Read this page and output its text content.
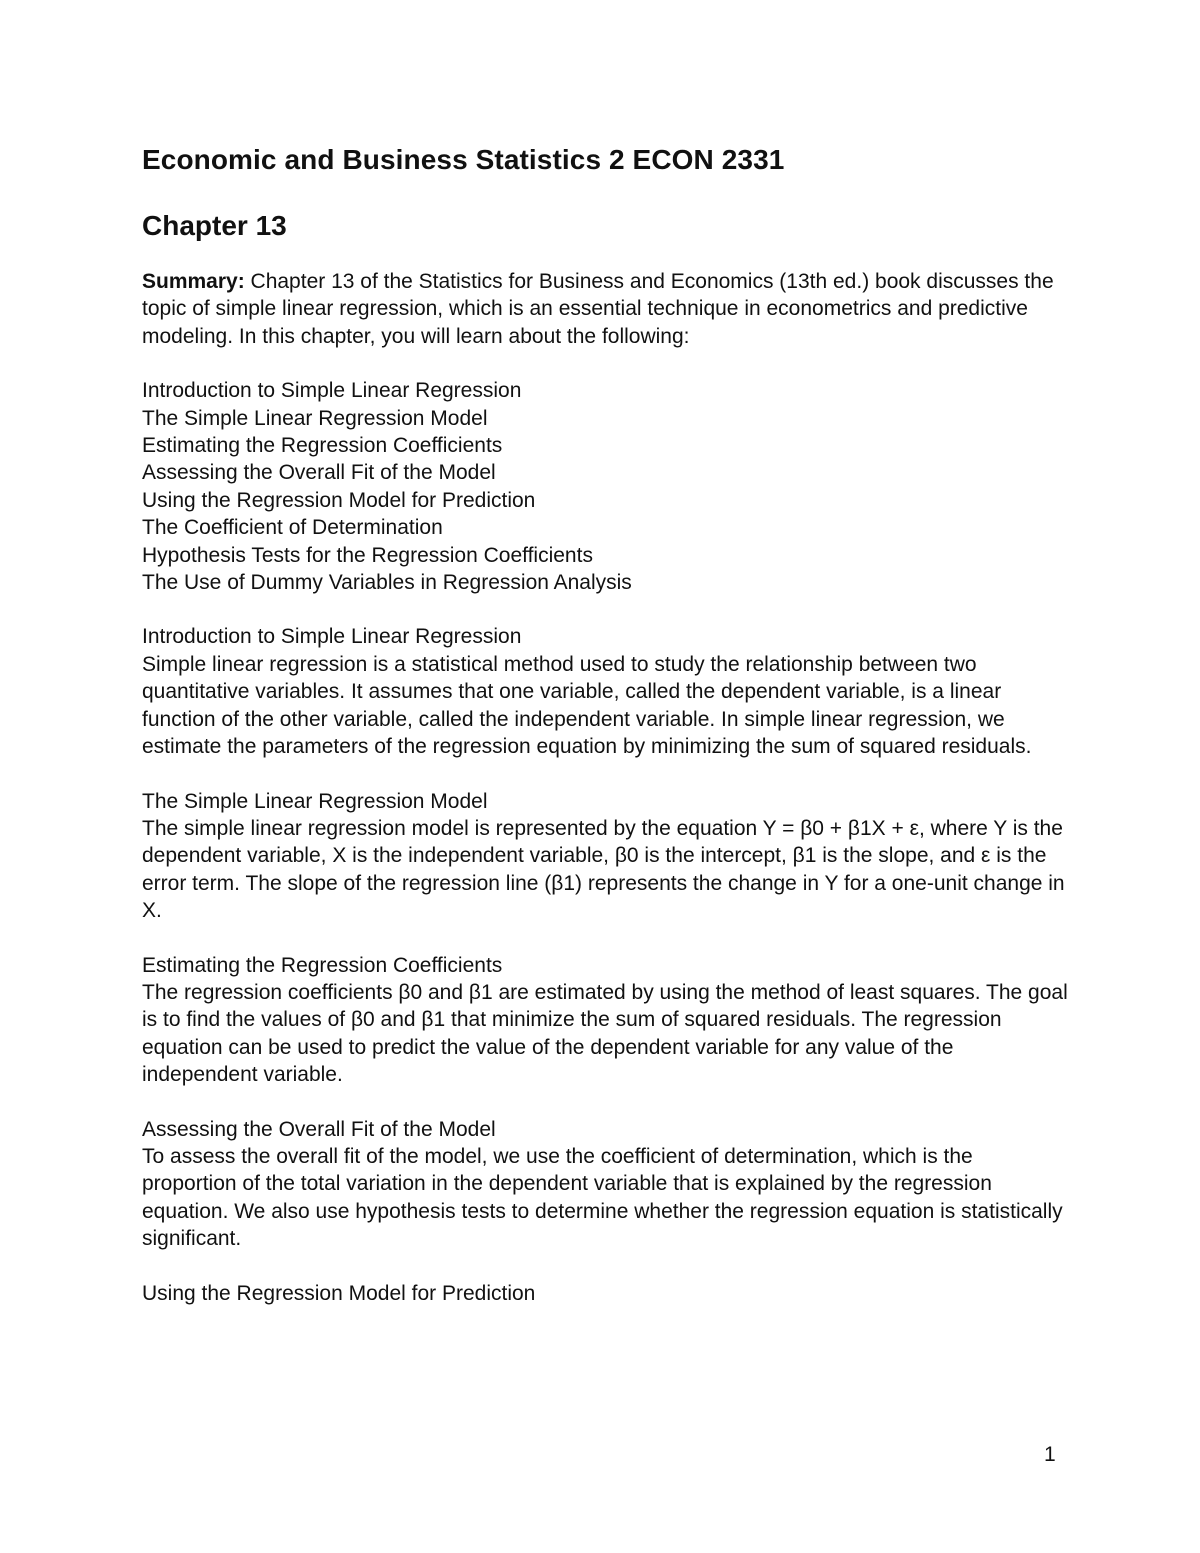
Economic and Business Statistics 2 ECON 2331
Chapter 13

Summary: Chapter 13 of the Statistics for Business and Economics (13th ed.) book discusses the topic of simple linear regression, which is an essential technique in econometrics and predictive modeling. In this chapter, you will learn about the following:

Introduction to Simple Linear Regression
The Simple Linear Regression Model
Estimating the Regression Coefficients
Assessing the Overall Fit of the Model
Using the Regression Model for Prediction
The Coefficient of Determination
Hypothesis Tests for the Regression Coefficients
The Use of Dummy Variables in Regression Analysis
Introduction to Simple Linear Regression

Simple linear regression is a statistical method used to study the relationship between two quantitative variables. It assumes that one variable, called the dependent variable, is a linear function of the other variable, called the independent variable. In simple linear regression, we estimate the parameters of the regression equation by minimizing the sum of squared residuals.

The Simple Linear Regression Model

The simple linear regression model is represented by the equation Y = β0 + β1X + ε, where Y is the dependent variable, X is the independent variable, β0 is the intercept, β1 is the slope, and ε is the error term. The slope of the regression line (β1) represents the change in Y for a one-unit change in X.

Estimating the Regression Coefficients

The regression coefficients β0 and β1 are estimated by using the method of least squares. The goal is to find the values of β0 and β1 that minimize the sum of squared residuals. The regression equation can be used to predict the value of the dependent variable for any value of the independent variable.

Assessing the Overall Fit of the Model

To assess the overall fit of the model, we use the coefficient of determination, which is the proportion of the total variation in the dependent variable that is explained by the regression equation. We also use hypothesis tests to determine whether the regression equation is statistically significant.

Using the Regression Model for Prediction
1
